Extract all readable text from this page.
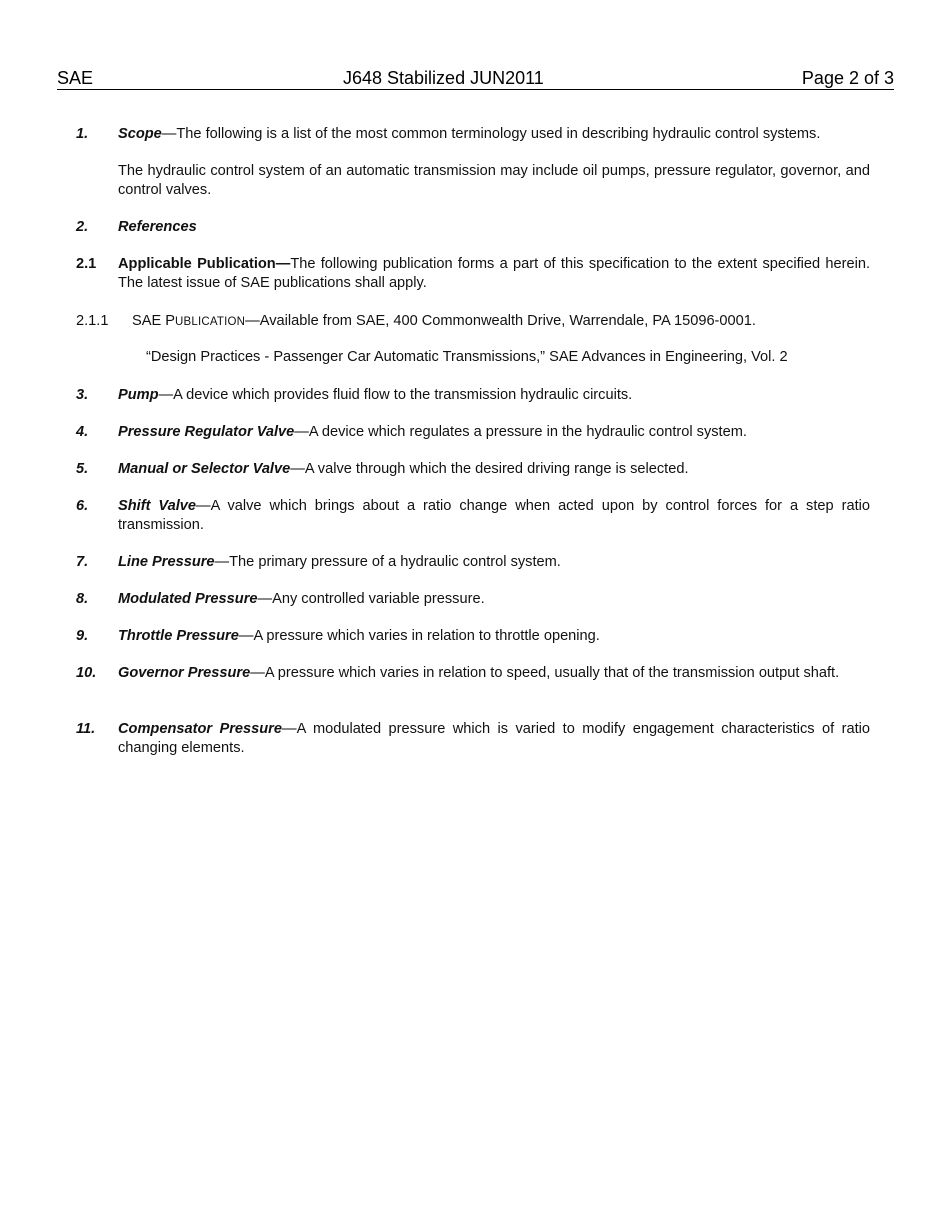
SAE	J648 Stabilized JUN2011	Page 2 of 3
1. Scope—The following is a list of the most common terminology used in describing hydraulic control systems.
The hydraulic control system of an automatic transmission may include oil pumps, pressure regulator, governor, and control valves.
2. References
2.1 Applicable Publication—The following publication forms a part of this specification to the extent specified herein. The latest issue of SAE publications shall apply.
2.1.1 SAE PUBLICATION—Available from SAE, 400 Commonwealth Drive, Warrendale, PA 15096-0001.
“Design Practices - Passenger Car Automatic Transmissions,” SAE Advances in Engineering, Vol. 2
3. Pump—A device which provides fluid flow to the transmission hydraulic circuits.
4. Pressure Regulator Valve—A device which regulates a pressure in the hydraulic control system.
5. Manual or Selector Valve—A valve through which the desired driving range is selected.
6. Shift Valve—A valve which brings about a ratio change when acted upon by control forces for a step ratio transmission.
7. Line Pressure—The primary pressure of a hydraulic control system.
8. Modulated Pressure—Any controlled variable pressure.
9. Throttle Pressure—A pressure which varies in relation to throttle opening.
10. Governor Pressure—A pressure which varies in relation to speed, usually that of the transmission output shaft.
11. Compensator Pressure—A modulated pressure which is varied to modify engagement characteristics of ratio changing elements.
